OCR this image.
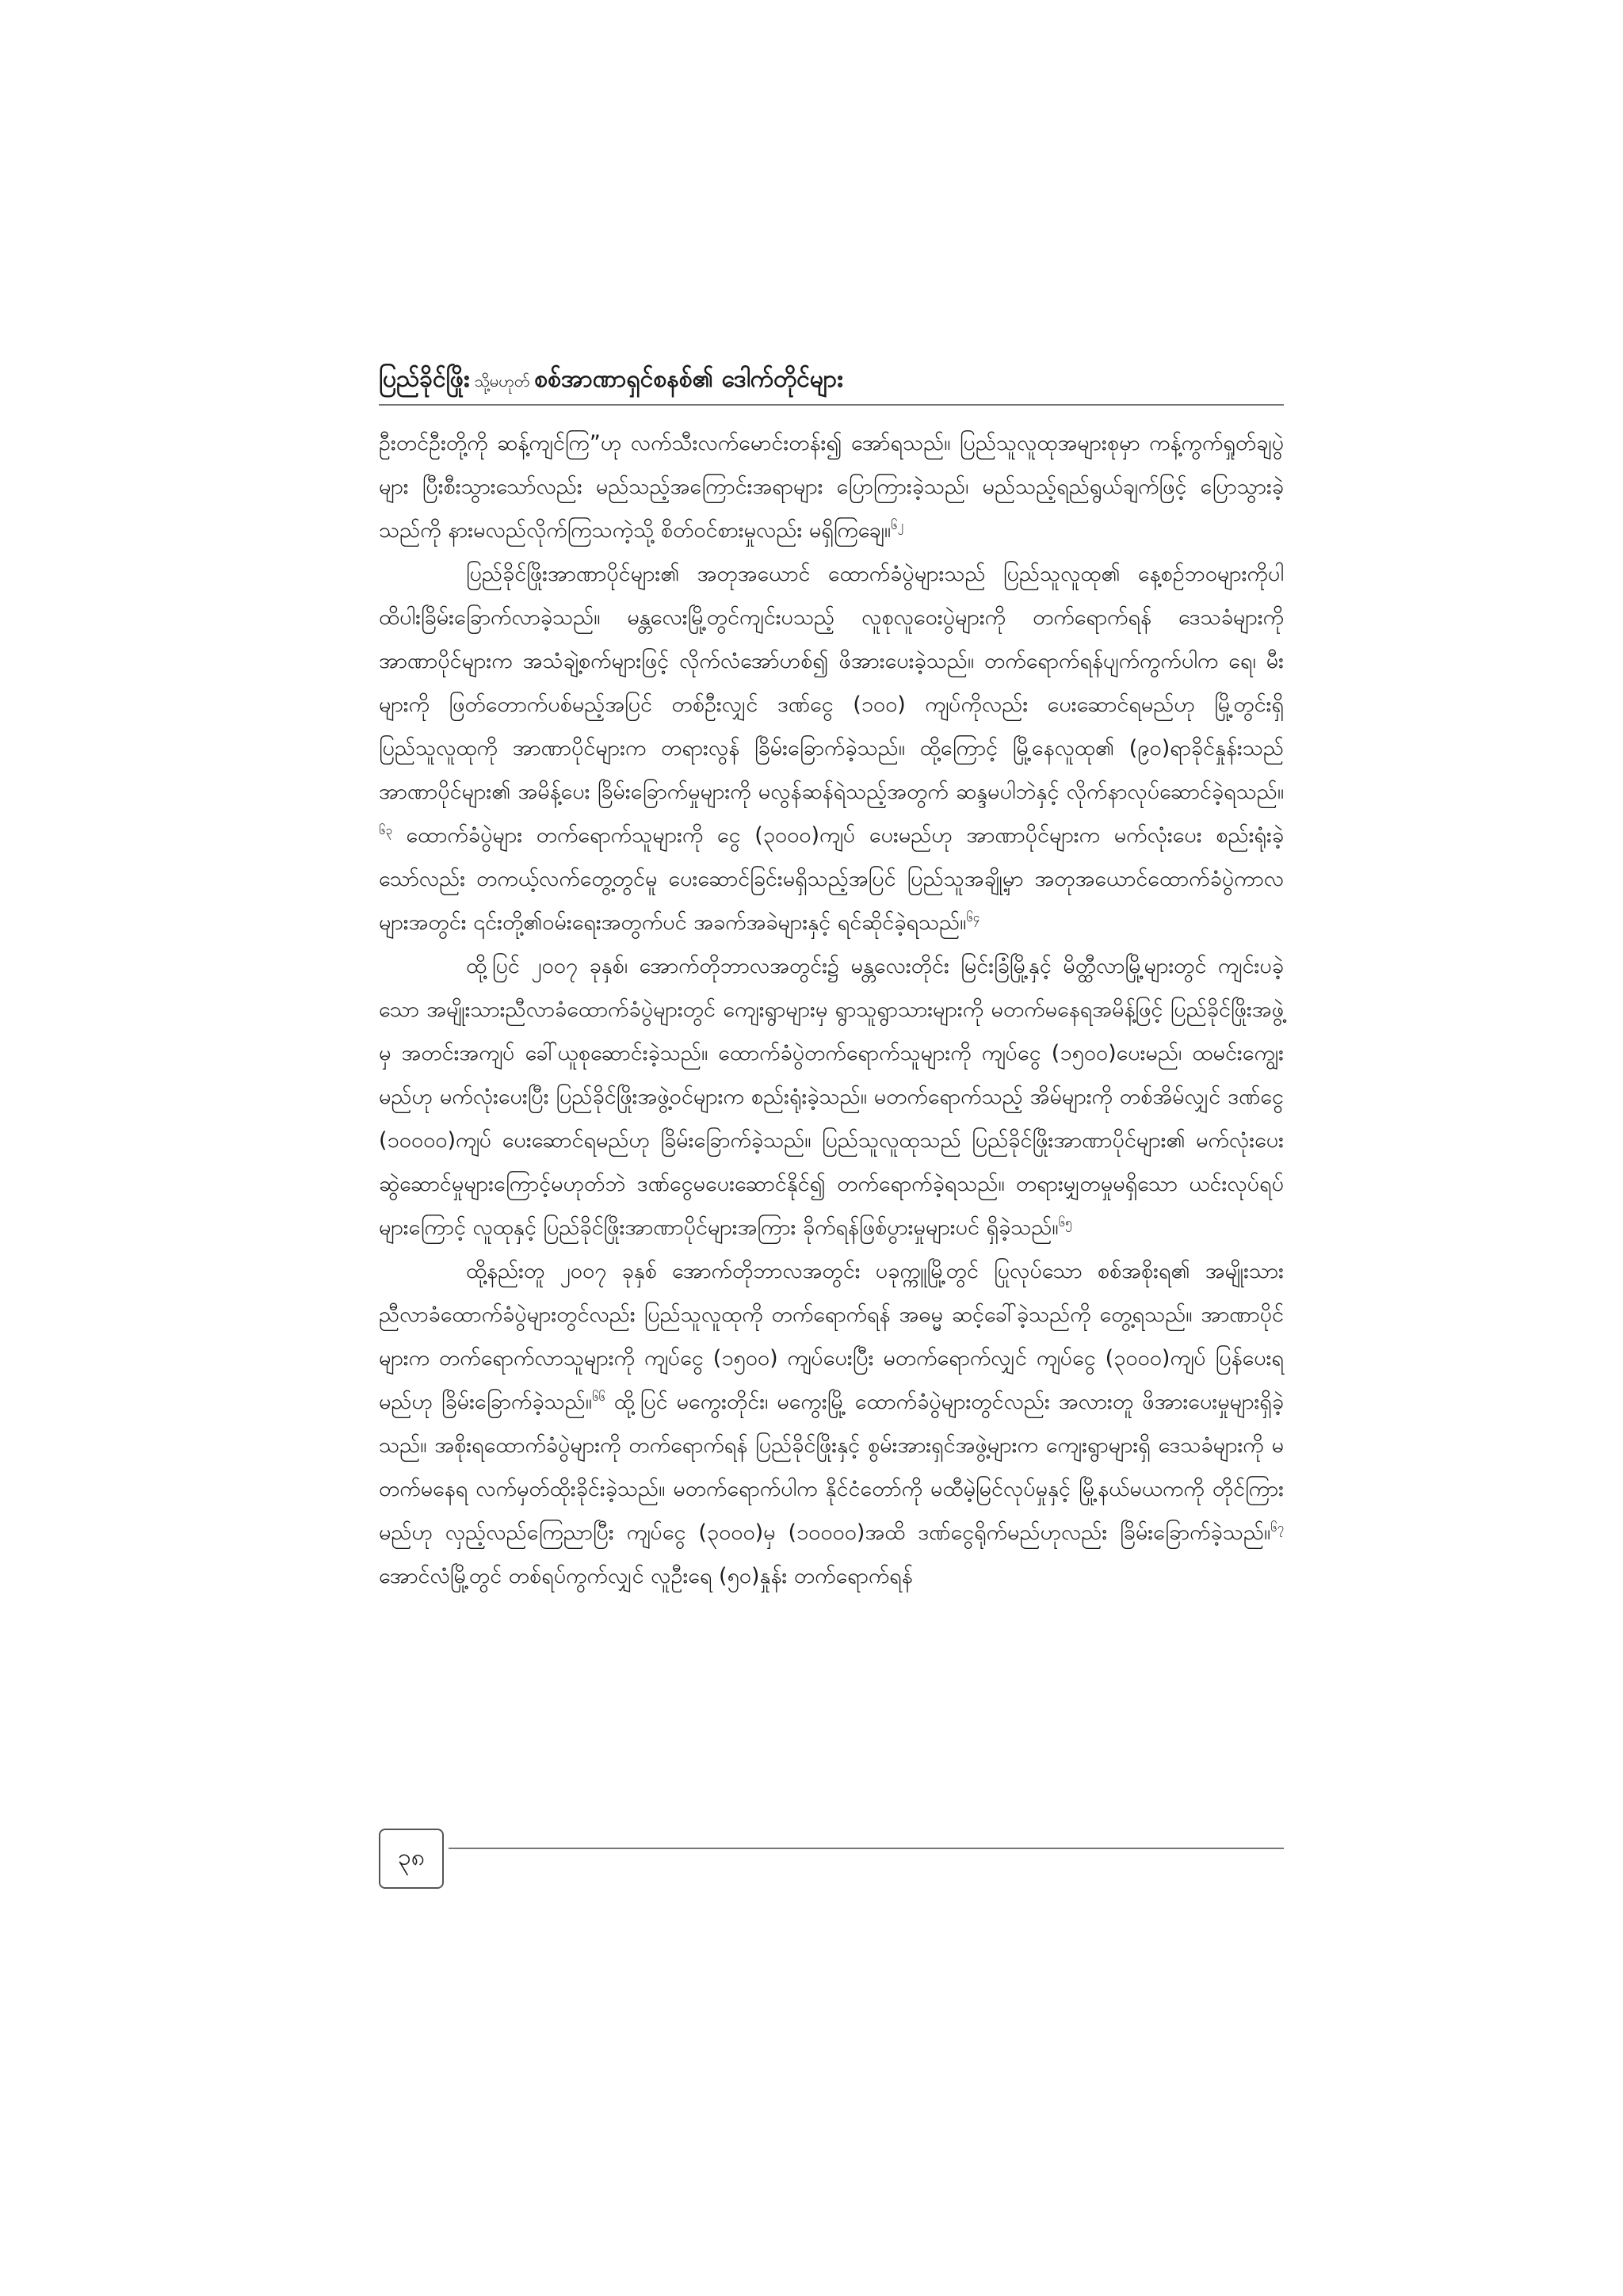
ပြည်ခိုင်ဖြိုး သို့မဟုတ် စစ်အာဏာရှင်စနစ်၏ ဒေါက်တိုင်များ

ဦးတင်ဦးတို့ကို ဆန့်ကျင်ကြ”ဟု လက်သီးလက်မောင်းတန်း၍ အော်ရသည်။ ပြည်သူလူထုအများစုမှာ ကန့်ကွက်ရှုတ်ချပွဲများ ပြီးစီးသွားသော်လည်း မည်သည့်အကြောင်းအရာများ ပြောကြားခဲ့သည်၊ မည်သည့်ရည်ရွယ်ချက်ဖြင့် ပြောသွားခဲ့သည်ကို နားမလည်လိုက်ကြသကဲ့သို့ စိတ်ဝင်စားမှုလည်း မရှိကြချေ။$^{၆၂}$

ပြည်ခိုင်ဖြိုးအာဏာပိုင်များ၏ အတုအယောင် ထောက်ခံပွဲများသည် ပြည်သူလူထု၏ နေ့စဉ်ဘဝများကိုပါ ထိပါးခြိမ်းခြောက်လာခဲ့သည်။ မန္တလေးမြို့တွင်ကျင်းပသည့် လူစုလူဝေးပွဲများကို တက်ရောက်ရန် ဒေသခံများကို အာဏာပိုင်များက အသံချဲ့စက်များဖြင့် လိုက်လံအော်ဟစ်၍ ဖိအားပေးခဲ့သည်။ တက်ရောက်ရန်ပျက်ကွက်ပါက ရေ၊ မီးများကို ဖြတ်တောက်ပစ်မည့်အပြင် တစ်ဦးလျှင် ဒဏ်ငွေ (၁၀၀) ကျပ်ကိုလည်း ပေးဆောင်ရမည်ဟု မြို့တွင်းရှိ ပြည်သူလူထုကို အာဏာပိုင်များက တရားလွန် ခြိမ်းခြောက်ခဲ့သည်။ ထို့ကြောင့် မြို့နေလူထု၏ (၉၀)ရာခိုင်နှုန်းသည် အာဏာပိုင်များ၏ အမိန့်ပေး ခြိမ်းခြောက်မှုများကို မလွန်ဆန်ရဲသည့်အတွက် ဆန္ဒမပါဘဲနှင့် လိုက်နာလုပ်ဆောင်ခဲ့ရသည်။$^{၆၃}$ ထောက်ခံပွဲများ တက်ရောက်သူများကို ငွေ (၃၀၀၀)ကျပ် ပေးမည်ဟု အာဏာပိုင်များက မက်လုံးပေး စည်းရုံးခဲ့သော်လည်း တကယ့်လက်တွေ့တွင်မူ ပေးဆောင်ခြင်းမရှိသည့်အပြင် ပြည်သူအချို့မှာ အတုအယောင်ထောက်ခံပွဲကာလများအတွင်း ၎င်းတို့၏ဝမ်းရေးအတွက်ပင် အခက်အခဲများနှင့် ရင်ဆိုင်ခဲ့ရသည်။$^{၆၄}$

ထို့ပြင် ၂၀၀၇ ခုနှစ်၊ အောက်တိုဘာလအတွင်း၌ မန္တလေးတိုင်း မြင်းခြံမြို့နှင့် မိတ္ထီလာမြို့များတွင် ကျင်းပခဲ့သော အမျိုးသားညီလာခံထောက်ခံပွဲများတွင် ကျေးရွာများမှ ရွာသူရွာသားများကို မတက်မနေရအမိန့်ဖြင့် ပြည်ခိုင်ဖြိုးအဖွဲ့မှ အတင်းအကျပ် ခေါ်ယူစုဆောင်းခဲ့သည်။ ထောက်ခံပွဲတက်ရောက်သူများကို ကျပ်ငွေ (၁၅၀၀)ပေးမည်၊ ထမင်းကျွေးမည်ဟု မက်လုံးပေးပြီး ပြည်ခိုင်ဖြိုးအဖွဲ့ဝင်များက စည်းရုံးခဲ့သည်။ မတက်ရောက်သည့် အိမ်များကို တစ်အိမ်လျှင် ဒဏ်ငွေ (၁၀၀၀၀)ကျပ် ပေးဆောင်ရမည်ဟု ခြိမ်းခြောက်ခဲ့သည်။ ပြည်သူလူထုသည် ပြည်ခိုင်ဖြိုးအာဏာပိုင်များ၏ မက်လုံးပေး ဆွဲဆောင်မှုများကြောင့်မဟုတ်ဘဲ ဒဏ်ငွေမပေးဆောင်နိုင်၍ တက်ရောက်ခဲ့ရသည်။ တရားမျှတမှုမရှိသော ယင်းလုပ်ရပ်များကြောင့် လူထုနှင့် ပြည်ခိုင်ဖြိုးအာဏာပိုင်များအကြား ခိုက်ရန်ဖြစ်ပွားမှုများပင် ရှိခဲ့သည်။$^{၆၅}$

ထို့နည်းတူ ၂၀၀၇ ခုနှစ် အောက်တိုဘာလအတွင်း ပခုက္ကူမြို့တွင် ပြုလုပ်သော စစ်အစိုးရ၏ အမျိုးသားညီလာခံထောက်ခံပွဲများတွင်လည်း ပြည်သူလူထုကို တက်ရောက်ရန် အဓမ္မ ဆင့်ခေါ်ခဲ့သည်ကို တွေ့ရသည်။ အာဏာပိုင်များက တက်ရောက်လာသူများကို ကျပ်ငွေ (၁၅၀၀) ကျပ်ပေးပြီး မတက်ရောက်လျှင် ကျပ်ငွေ (၃၀၀၀)ကျပ် ပြန်ပေးရမည်ဟု ခြိမ်းခြောက်ခဲ့သည်။$^{၆၆}$ ထို့ပြင် မကွေးတိုင်း၊ မကွေးမြို့ ထောက်ခံပွဲများတွင်လည်း အလားတူ ဖိအားပေးမှုများရှိခဲ့သည်။ အစိုးရထောက်ခံပွဲများကို တက်ရောက်ရန် ပြည်ခိုင်ဖြိုးနှင့် စွမ်းအားရှင်အဖွဲ့များက ကျေးရွာများရှိ ဒေသခံများကို မတက်မနေရ လက်မှတ်ထိုးခိုင်းခဲ့သည်။ မတက်ရောက်ပါက နိုင်ငံတော်ကို မထီမဲ့မြင်လုပ်မှုနှင့် မြို့နယ်မယကကို တိုင်ကြားမည်ဟု လှည့်လည်ကြေညာပြီး ကျပ်ငွေ (၃၀၀၀)မှ (၁၀၀၀၀)အထိ ဒဏ်ငွေရိုက်မည်ဟုလည်း ခြိမ်းခြောက်ခဲ့သည်။$^{၆၇}$ အောင်လံမြို့တွင် တစ်ရပ်ကွက်လျှင် လူဦးရေ (၅၀)နှုန်း တက်ရောက်ရန်

၃၈
